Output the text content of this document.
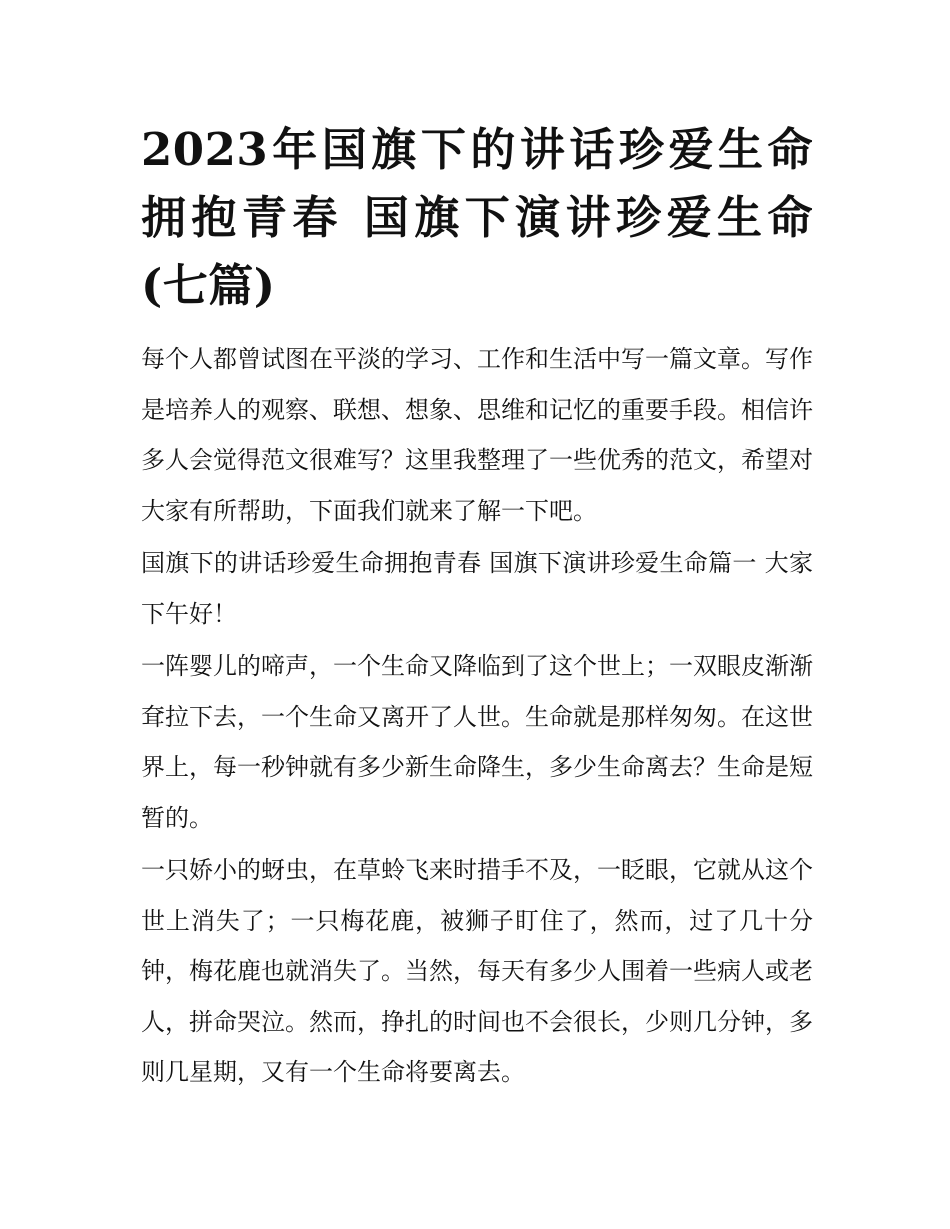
2023年国旗下的讲话珍爱生命拥抱青春 国旗下演讲珍爱生命(七篇)

每个人都曾试图在平淡的学习、工作和生活中写一篇文章。写作是培养人的观察、联想、想象、思维和记忆的重要手段。相信许多人会觉得范文很难写？这里我整理了一些优秀的范文，希望对大家有所帮助，下面我们就来了解一下吧。

国旗下的讲话珍爱生命拥抱青春 国旗下演讲珍爱生命篇一 大家下午好！

一阵婴儿的啼声，一个生命又降临到了这个世上；一双眼皮渐渐耷拉下去，一个生命又离开了人世。生命就是那样匆匆。在这世界上，每一秒钟就有多少新生命降生，多少生命离去？生命是短暂的。

一只娇小的蚜虫，在草蛉飞来时措手不及，一眨眼，它就从这个世上消失了；一只梅花鹿，被狮子盯住了，然而，过了几十分钟，梅花鹿也就消失了。当然，每天有多少人围着一些病人或老人，拼命哭泣。然而，挣扎的时间也不会很长，少则几分钟，多则几星期，又有一个生命将要离去。
